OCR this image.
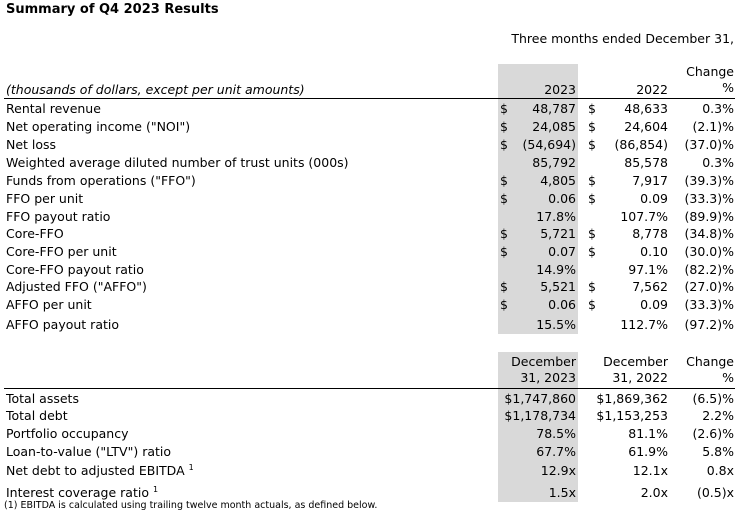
Summary of Q4 2023 Results
Three months ended December 31,
(thousands of dollars, except per unit amounts)	2023	2022
Change %
Rental revenue	$	48,787 $	48,633	0.3%
Net operating income ("NOI")	$	24,085 $	24,604	(2.1)%
Net loss	$	(54,694) $	(86,854)	(37.0)%
Weighted average diluted number of trust units (000s)	85,792	85,578	0.3%
Funds from operations ("FFO")	$	4,805 $	7,917	(39.3)%
FFO per unit	$	0.06 $	0.09	(33.3)%
FFO payout ratio	17.8%	107.7%	(89.9)%
Core-FFO	$	5,721 $	8,778	(34.8)%
Core-FFO per unit	$	0.07 $	0.10	(30.0)%
Core-FFO payout ratio	14.9%	97.1%	(82.2)%
Adjusted FFO ("AFFO")	$	5,521 $	7,562	(27.0)%
AFFO per unit	$	0.06 $	0.09	(33.3)%
AFFO payout ratio	15.5%	112.7%	(97.2)%
December 31, 2023
December 31, 2022
Change %
Total assets	$1,747,860	$1,869,362	(6.5)%
Total debt	$1,178,734	$1,153,253	2.2%
Portfolio occupancy	78.5%	81.1%	(2.6)%
Loan-to-value ("LTV") ratio	67.7%	61.9%	5.8%
Net debt to adjusted EBITDA $^1$	12.9x	12.1x	0.8x
Interest coverage ratio $^1$	1.5x	2.0x	(0.5)x
(1) EBITDA is calculated using trailing twelve month actuals, as defined below.
